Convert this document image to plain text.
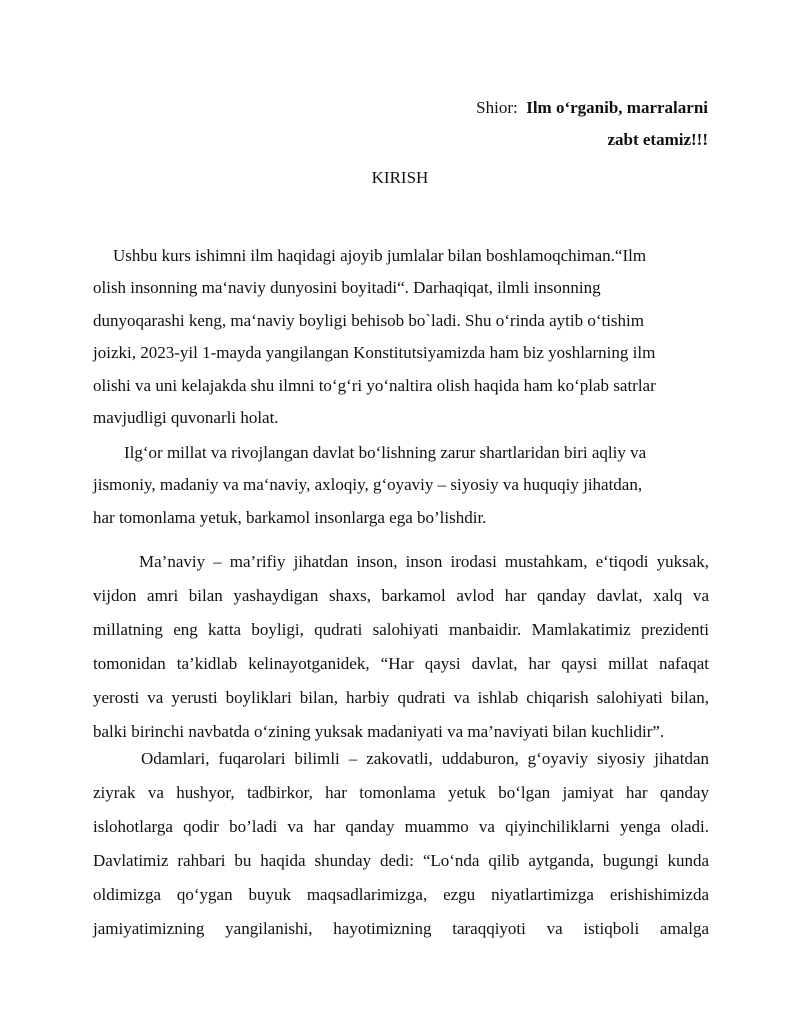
Shior: Ilm o‘rganib, marralarni
zabt etamiz!!!
KIRISH
Ushbu kurs ishimni ilm haqidagi ajoyib jumlalar bilan boshlamoqchiman.“Ilm
olish insonning ma‘naviy dunyosini boyitadi“. Darhaqiqat, ilmli insonning
dunyoqarashi keng, ma‘naviy boyligi behisob bo`ladi. Shu o‘rinda aytib o‘tishim
joizki, 2023-yil 1-mayda yangilangan Konstitutsiyamizda ham biz yoshlarning ilm
olishi va uni kelajakda shu ilmni to‘g‘ri yo‘naltira olish haqida ham ko‘plab satrlar
mavjudligi quvonarli holat.
Ilg‘or millat va rivojlangan davlat bo‘lishning zarur shartlaridan biri aqliy va
jismoniy, madaniy va ma‘naviy, axloqiy, g‘oyaviy – siyosiy va huquqiy jihatdan,
har tomonlama yetuk, barkamol insonlarga ega bo’lishdir.
Ma’naviy – ma’rifiy jihatdan inson, inson irodasi mustahkam, e‘tiqodi yuksak,
vijdon amri bilan yashaydigan shaxs, barkamol avlod har qanday davlat, xalq va
millatning eng katta boyligi, qudrati salohiyati manbaidir. Mamlakatimiz prezidenti
tomonidan ta’kidlab kelinayotganidek, “Har qaysi davlat, har qaysi millat nafaqat
yerosti va yerusti boyliklari bilan, harbiy qudrati va ishlab chiqarish salohiyati bilan,
balki birinchi navbatda o‘zining yuksak madaniyati va ma’naviyati bilan kuchlidir”.
Odamlari, fuqarolari bilimli – zakovatli, uddaburon, g‘oyaviy siyosiy jihatdan
ziyrak va hushyor, tadbirkor, har tomonlama yetuk bo‘lgan jamiyat har qanday
islohotlarga qodir bo’ladi va har qanday muammo va qiyinchiliklarni yenga oladi.
Davlatimiz rahbari bu haqida shunday dedi: “Lo‘nda qilib aytganda, bugungi kunda
oldimizga qo‘ygan buyuk maqsadlarimizga, ezgu niyatlartimizga erishishimizda
jamiyatimizning yangilanishi, hayotimizning taraqqiyoti va istiqboli amalga
